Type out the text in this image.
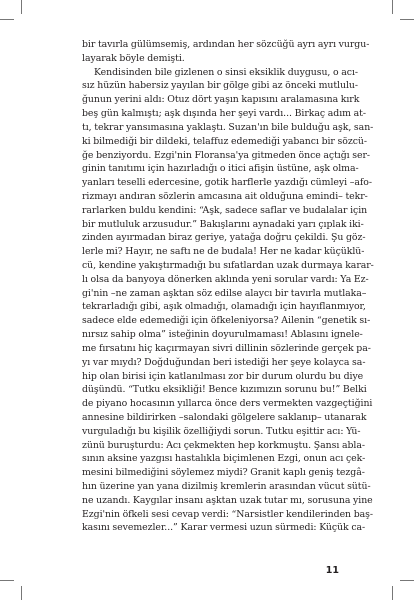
bir tavırla gülümsemiş, ardından her sözcüğü ayrı ayrı vurgu-
layarak böyle demişti.
Kendisinden bile gizlenen o sinsi eksiklik duygusu, o acı-
sız hüzün habersiz yayılan bir gölge gibi az önceki mutlulu-
ğunun yerini aldı: Otuz dört yaşın kapısını aralamasına kırk
beş gün kalmıştı; aşk dışında her şeyi vardı... Birkaç adım at-
tı, tekrar yansımasına yaklaştı. Suzan'ın bile bulduğu aşk, san-
ki bilmediği bir dildeki, telaffuz edemediği yabancı bir sözcü-
ğe benziyordu. Ezgi'nin Floransa'ya gitmeden önce açtığı ser-
ginin tanıtımı için hazırladığı o itici afişin üstüne, aşk olma-
yanları teselli edercesine, gotik harflerle yazdığı cümleyi –afo-
rizmayı andıran sözlerin amcasına ait olduğuna emindi– tekr-
rarlarken buldu kendini: “Aşk, sadece saflar ve budalalar için
bir mutluluk arzusudur.” Bakışlarını aynadaki yarı çıplak iki-
zinden ayırmadan biraz geriye, yatağa doğru çekildi. Şu göz-
lerle mi? Hayır, ne saftı ne de budala! Her ne kadar küçüklü-
cü, kendine yakıştırmadığı bu sıfatlardan uzak durmaya karar-
lı olsa da banyoya dönerken aklında yeni sorular vardı: Ya Ez-
gi'nin –ne zaman aşktan söz edilse alaycı bir tavırla mutlaka–
tekrarladığı gibi, aşık olmadığı, olamadığı için hayıflanmıyor,
sadece elde edemediği için öfkeleniyorsa? Ailenin “genetik sı-
nırsız sahip olma” isteğinin doyurulmaması! Ablasını ignele-
me fırsatını hiç kaçırmayan sivri dillinin sözlerinde gerçek pa-
yı var mıydı? Doğduğundan beri istediği her şeye kolayca sa-
hip olan birisi için katlanılması zor bir durum olurdu bu diye
düşündü. “Tutku eksikliği! Bence kızımızın sorunu bu!” Belki
de piyano hocasının yıllarca önce ders vermekten vazgeçtiğini
annesine bildirirken –salondaki gölgelere saklanıp– utanarak
vurguladığı bu kişilik özelliğiydi sorun. Tutku eşittir acı: Yü-
zünü buruşturdu: Acı çekmekten hep korkmuştu. Şansı abla-
sının aksine yazgısı hastalıkla biçimlenen Ezgi, onun acı çek-
mesini bilmediğini söylemez miydi? Granit kaplı geniş tezgâ-
hın üzerine yan yana dizilmiş kremlerin arasından vücut sütü-
ne uzandı. Kaygılar insanı aşktan uzak tutar mı, sorusuna yine
Ezgi'nin öfkeli sesi cevap verdi: “Narsistler kendilerinden baş-
kasını sevemezler...” Karar vermesi uzun sürmedi: Küçük ca-
11
